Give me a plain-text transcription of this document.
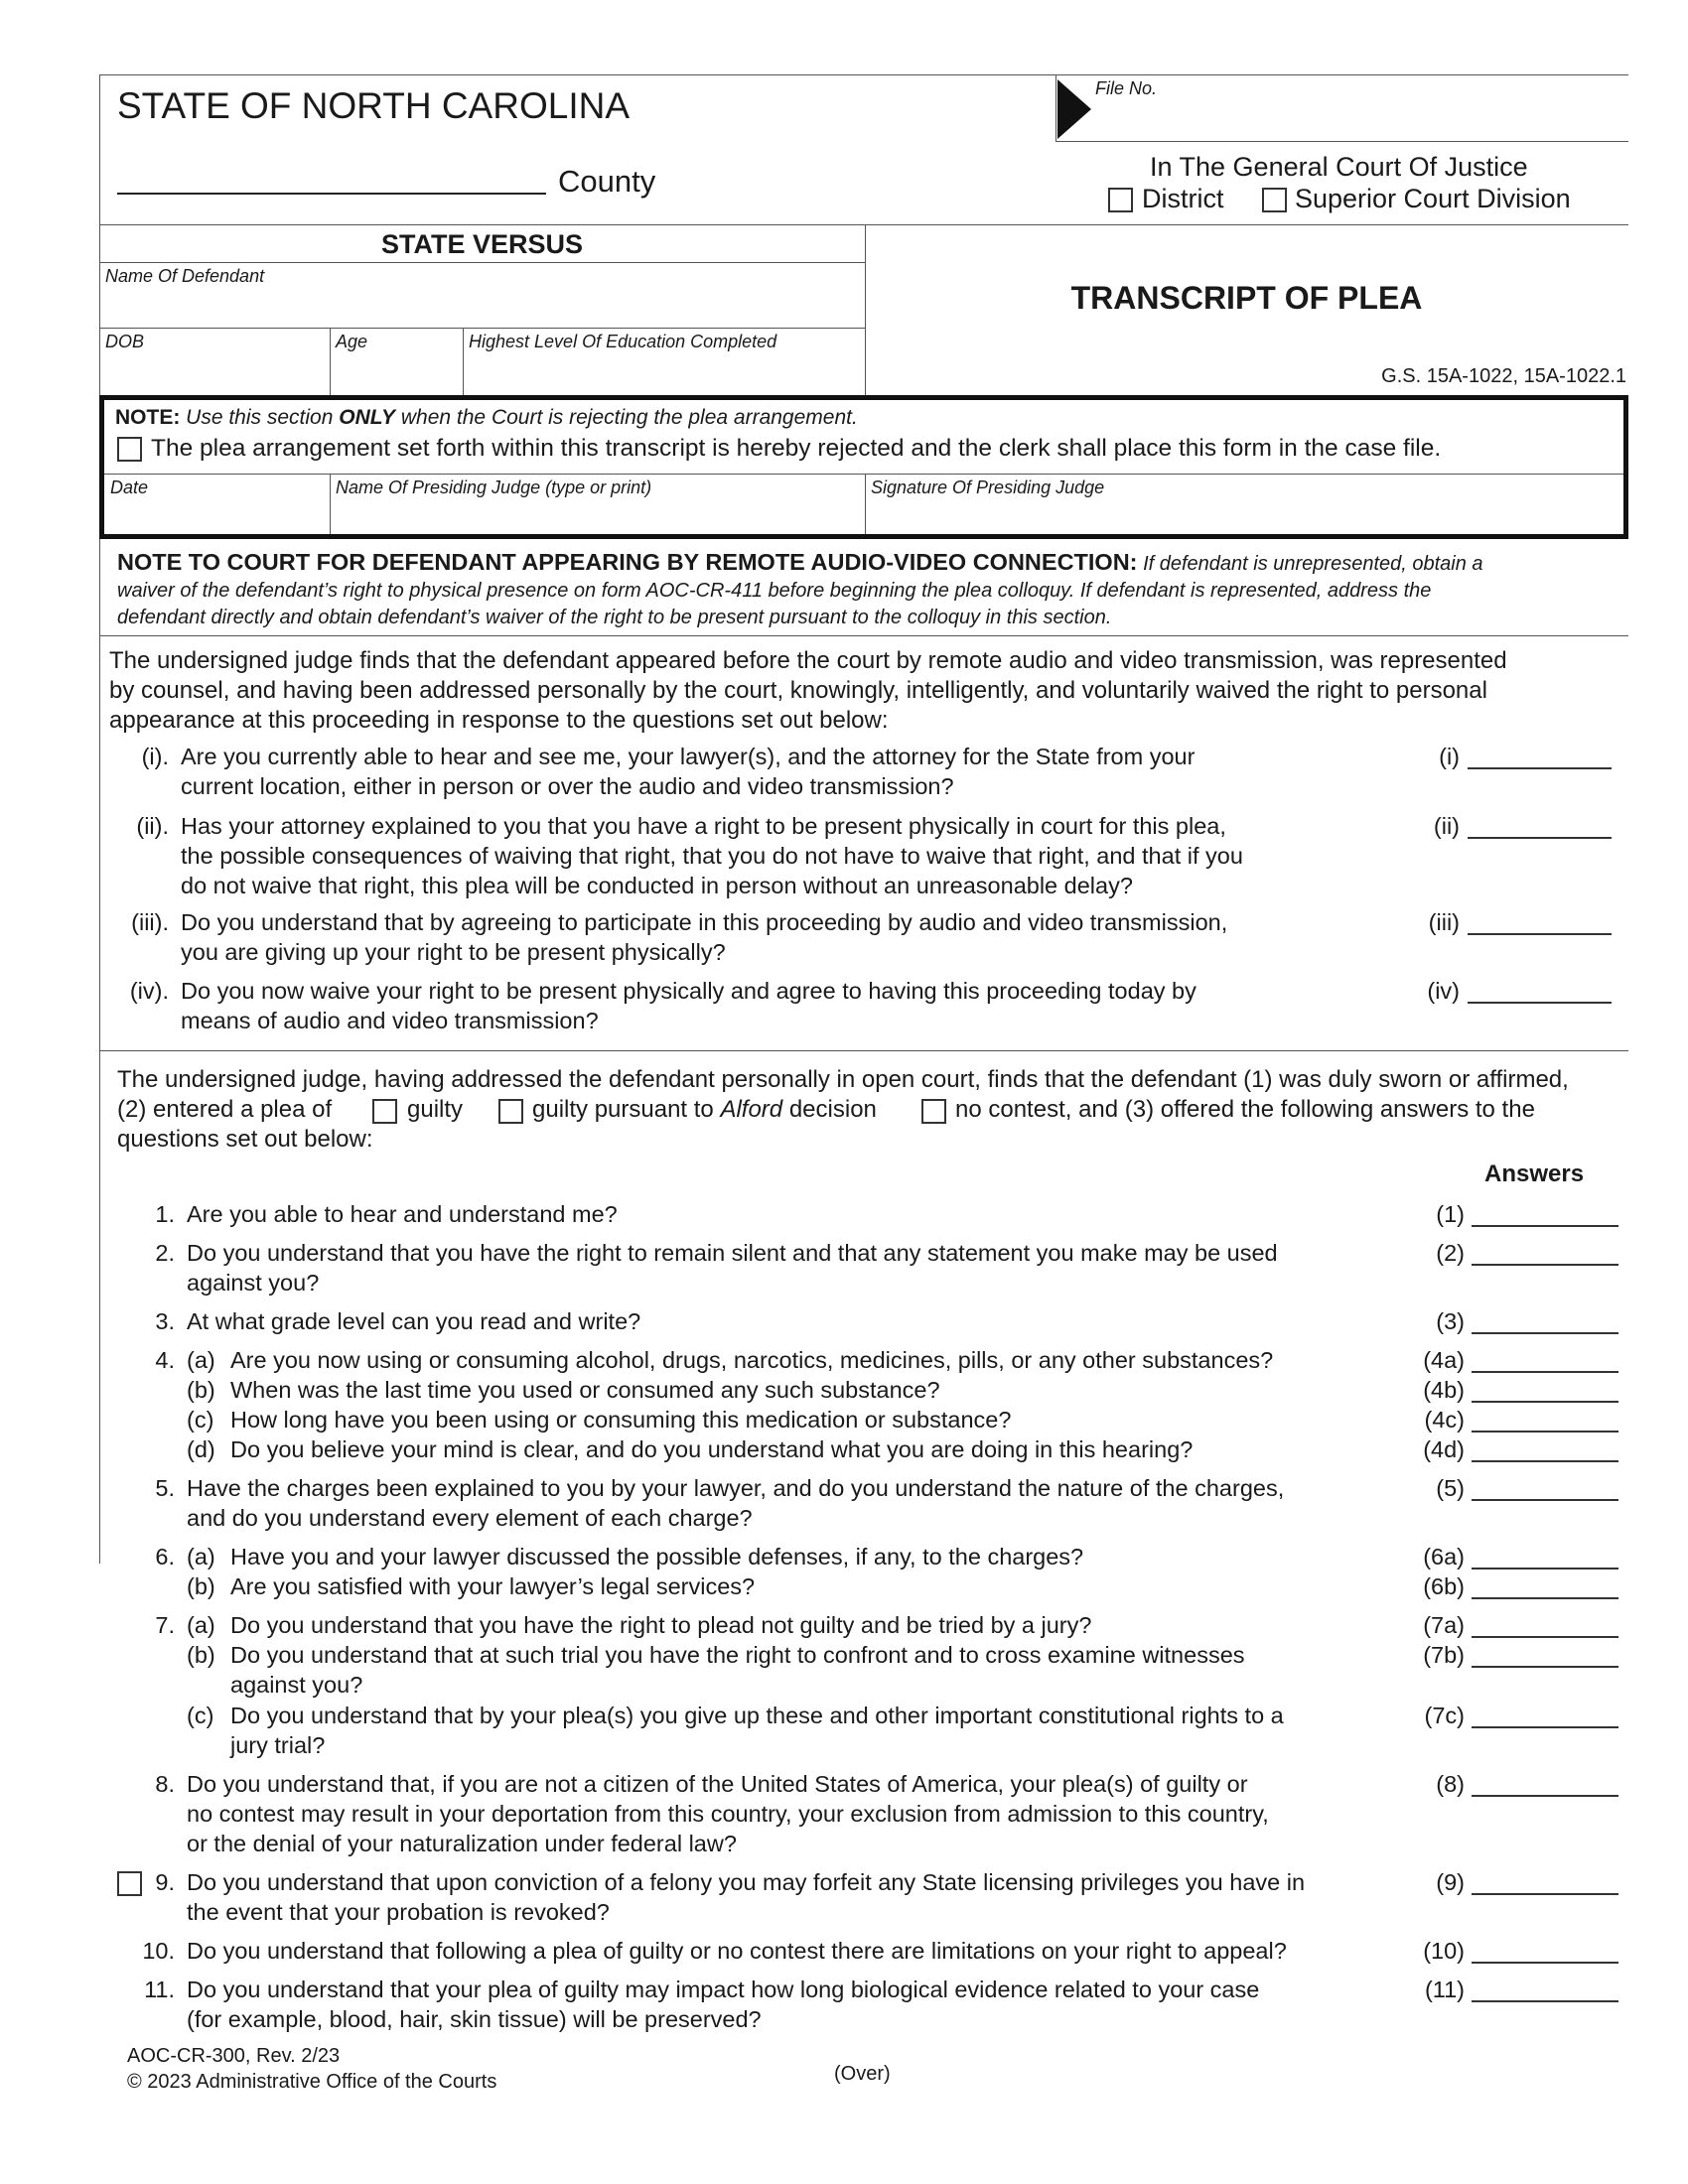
STATE OF NORTH CAROLINA
County
File No.
In The General Court Of Justice
District	Superior Court Division
STATE VERSUS
Name Of Defendant
DOB	Age	Highest Level Of Education Completed
TRANSCRIPT OF PLEA
G.S. 15A-1022, 15A-1022.1
NOTE: Use this section ONLY when the Court is rejecting the plea arrangement.
The plea arrangement set forth within this transcript is hereby rejected and the clerk shall place this form in the case file.
Date	Name Of Presiding Judge (type or print)	Signature Of Presiding Judge
NOTE TO COURT FOR DEFENDANT APPEARING BY REMOTE AUDIO-VIDEO CONNECTION: If defendant is unrepresented, obtain a
waiver of the defendant’s right to physical presence on form AOC-CR-411 before beginning the plea colloquy. If defendant is represented, address the
defendant directly and obtain defendant’s waiver of the right to be present pursuant to the colloquy in this section.
The undersigned judge finds that the defendant appeared before the court by remote audio and video transmission, was represented
by counsel, and having been addressed personally by the court, knowingly, intelligently, and voluntarily waived the right to personal
appearance at this proceeding in response to the questions set out below:
(i). Are you currently able to hear and see me, your lawyer(s), and the attorney for the State from your
current location, either in person or over the audio and video transmission?
(i)
(ii). Has your attorney explained to you that you have a right to be present physically in court for this plea,
the possible consequences of waiving that right, that you do not have to waive that right, and that if you
do not waive that right, this plea will be conducted in person without an unreasonable delay?
(ii)
(iii). Do you understand that by agreeing to participate in this proceeding by audio and video transmission,
you are giving up your right to be present physically?
(iii)
(iv). Do you now waive your right to be present physically and agree to having this proceeding today by
means of audio and video transmission?
(iv)
The undersigned judge, having addressed the defendant personally in open court, finds that the defendant (1) was duly sworn or affirmed,
(2) entered a plea of	guilty	guilty pursuant to Alford decision	no contest, and (3) offered the following answers to the
questions set out below:
Answers
1. Are you able to hear and understand me?	(1)
2. Do you understand that you have the right to remain silent and that any statement you make may be used
against you?
(2)
3. At what grade level can you read and write?	(3)
4. (a) Are you now using or consuming alcohol, drugs, narcotics, medicines, pills, or any other substances?	(4a)
(b) When was the last time you used or consumed any such substance?	(4b)
(c) How long have you been using or consuming this medication or substance?	(4c)
(d) Do you believe your mind is clear, and do you understand what you are doing in this hearing?	(4d)
5. Have the charges been explained to you by your lawyer, and do you understand the nature of the charges,
and do you understand every element of each charge?
(5)
6. (a) Have you and your lawyer discussed the possible defenses, if any, to the charges?	(6a)
(b) Are you satisfied with your lawyer’s legal services?	(6b)
7. (a) Do you understand that you have the right to plead not guilty and be tried by a jury?	(7a)
(b) Do you understand that at such trial you have the right to confront and to cross examine witnesses
against you?
(7b)
(c) Do you understand that by your plea(s) you give up these and other important constitutional rights to a
jury trial?
(7c)
8. Do you understand that, if you are not a citizen of the United States of America, your plea(s) of guilty or
no contest may result in your deportation from this country, your exclusion from admission to this country,
or the denial of your naturalization under federal law?
(8)
9. Do you understand that upon conviction of a felony you may forfeit any State licensing privileges you have in
the event that your probation is revoked?
(9)
10. Do you understand that following a plea of guilty or no contest there are limitations on your right to appeal?	(10)
11. Do you understand that your plea of guilty may impact how long biological evidence related to your case
(for example, blood, hair, skin tissue) will be preserved?
(11)
AOC-CR-300, Rev. 2/23
© 2023 Administrative Office of the Courts	(Over)
